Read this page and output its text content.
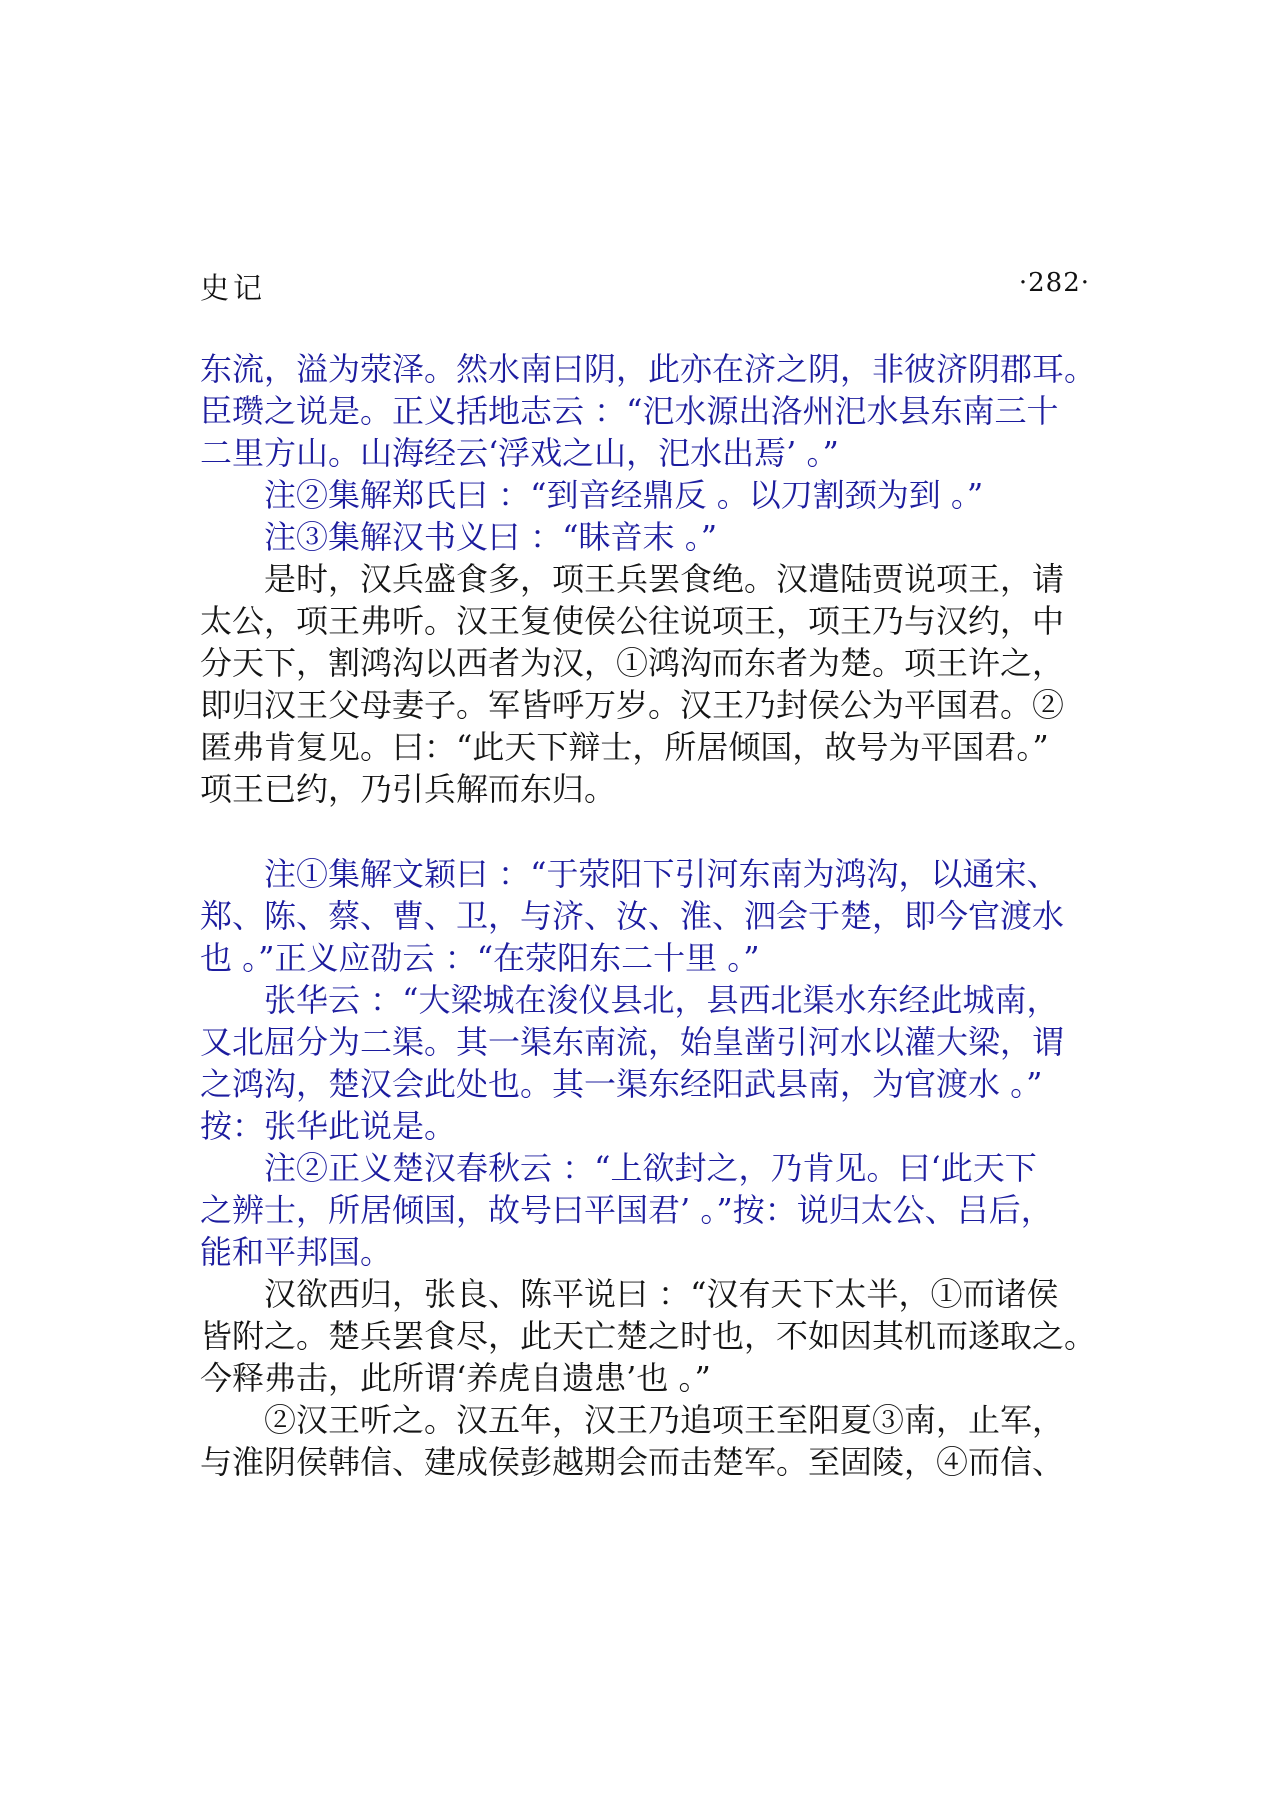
史记	·282·
东流，溢为荥泽。然水南曰阴，此亦在济之阴，非彼济阴郡耳。
臣瓒之说是。正义括地志云 ：“汜水源出洛州汜水县东南三十
二里方山。山海经云‘浮戏之山，汜水出焉’ 。”
注②集解郑氏曰 ：“到音经鼎反 。以刀割颈为到 。”
注③集解汉书义曰 ：“眛音末 。”
是时，汉兵盛食多，项王兵罢食绝。汉遣陆贾说项王，请
太公，项王弗听。汉王复使侯公往说项王，项王乃与汉约，中
分天下，割鸿沟以西者为汉，①鸿沟而东者为楚。项王许之，
即归汉王父母妻子。军皆呼万岁。汉王乃封侯公为平国君。②
匿弗肯复见。曰：“此天下辩士，所居倾国，故号为平国君。”
项王已约，乃引兵解而东归。
注①集解文颖曰 ：“于荥阳下引河东南为鸿沟，以通宋、
郑、陈、蔡、曹、卫，与济、汝、淮、泗会于楚，即今官渡水
也 。”正义应劭云 ：“在荥阳东二十里 。”
张华云 ：“大梁城在浚仪县北，县西北渠水东经此城南，
又北屈分为二渠。其一渠东南流，始皇凿引河水以灌大梁，谓
之鸿沟，楚汉会此处也。其一渠东经阳武县南，为官渡水 。”
按：张华此说是。
注②正义楚汉春秋云 ：“上欲封之，乃肯见。曰‘此天下
之辨士，所居倾国，故号曰平国君’ 。”按：说归太公、吕后，
能和平邦国。
汉欲西归，张良、陈平说曰 ：“汉有天下太半，①而诸侯
皆附之。楚兵罢食尽，此天亡楚之时也，不如因其机而遂取之。
今释弗击，此所谓‘养虎自遗患’也 。”
②汉王听之。汉五年，汉王乃追项王至阳夏③南，止军，
与淮阴侯韩信、建成侯彭越期会而击楚军。至固陵，④而信、
